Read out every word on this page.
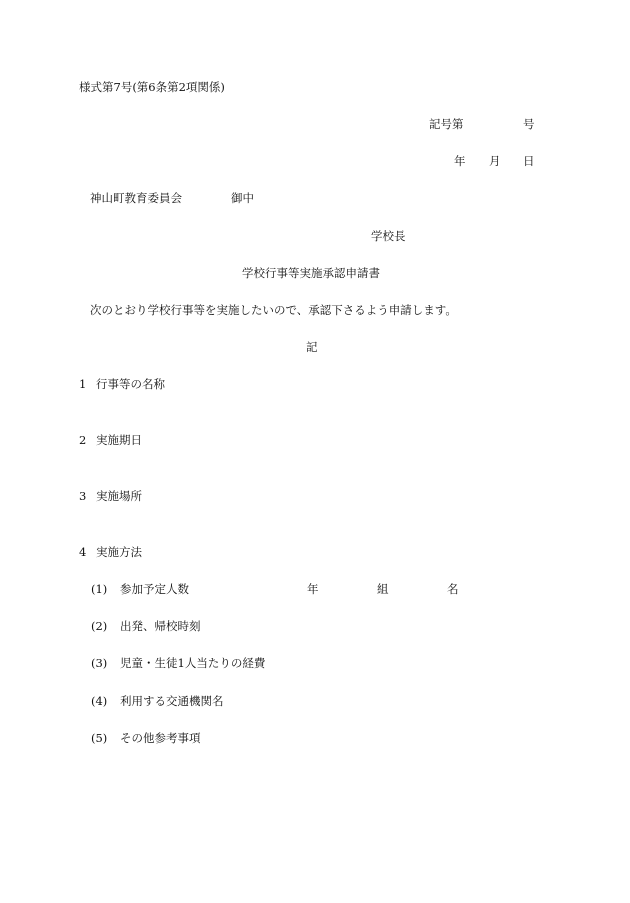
様式第7号(第6条第2項関係)
記号第	号
年 月 日
神山町教育委員会	御中
学校長
学校行事等実施承認申請書
次のとおり学校行事等を実施したいので、承認下さるよう申請します。
記
1 行事等の名称
2 実施期日
3 実施場所
4 実施方法
(1) 参加予定人数	年	組	名
(2) 出発、帰校時刻
(3) 児童・生徒1人当たりの経費
(4) 利用する交通機関名
(5) その他参考事項
